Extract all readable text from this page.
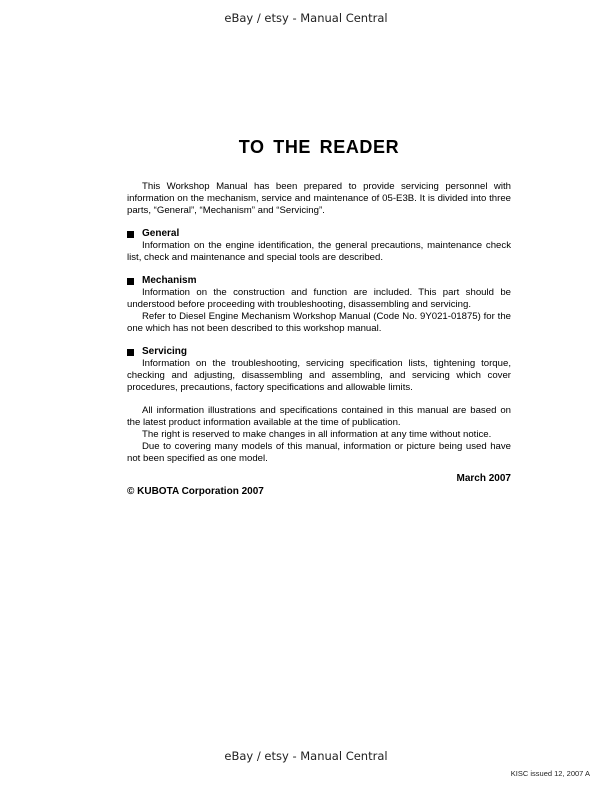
eBay / etsy - Manual Central
TO THE READER

This Workshop Manual has been prepared to provide servicing personnel with information on the mechanism, service and maintenance of 05-E3B. It is divided into three parts, “General”, “Mechanism” and “Servicing”.

General

Information on the engine identification, the general precautions, maintenance check list, check and maintenance and special tools are described.

Mechanism

Information on the construction and function are included. This part should be understood before proceeding with troubleshooting, disassembling and servicing.

Refer to Diesel Engine Mechanism Workshop Manual (Code No. 9Y021-01875) for the one which has not been described to this workshop manual.

Servicing

Information on the troubleshooting, servicing specification lists, tightening torque, checking and adjusting, disassembling and assembling, and servicing which cover procedures, precautions, factory specifications and allowable limits.

All information illustrations and specifications contained in this manual are based on the latest product information available at the time of publication.

The right is reserved to make changes in all information at any time without notice.

Due to covering many models of this manual, information or picture being used have not been specified as one model.

March 2007
© KUBOTA Corporation 2007
eBay / etsy - Manual Central
KISC issued 12, 2007 A
